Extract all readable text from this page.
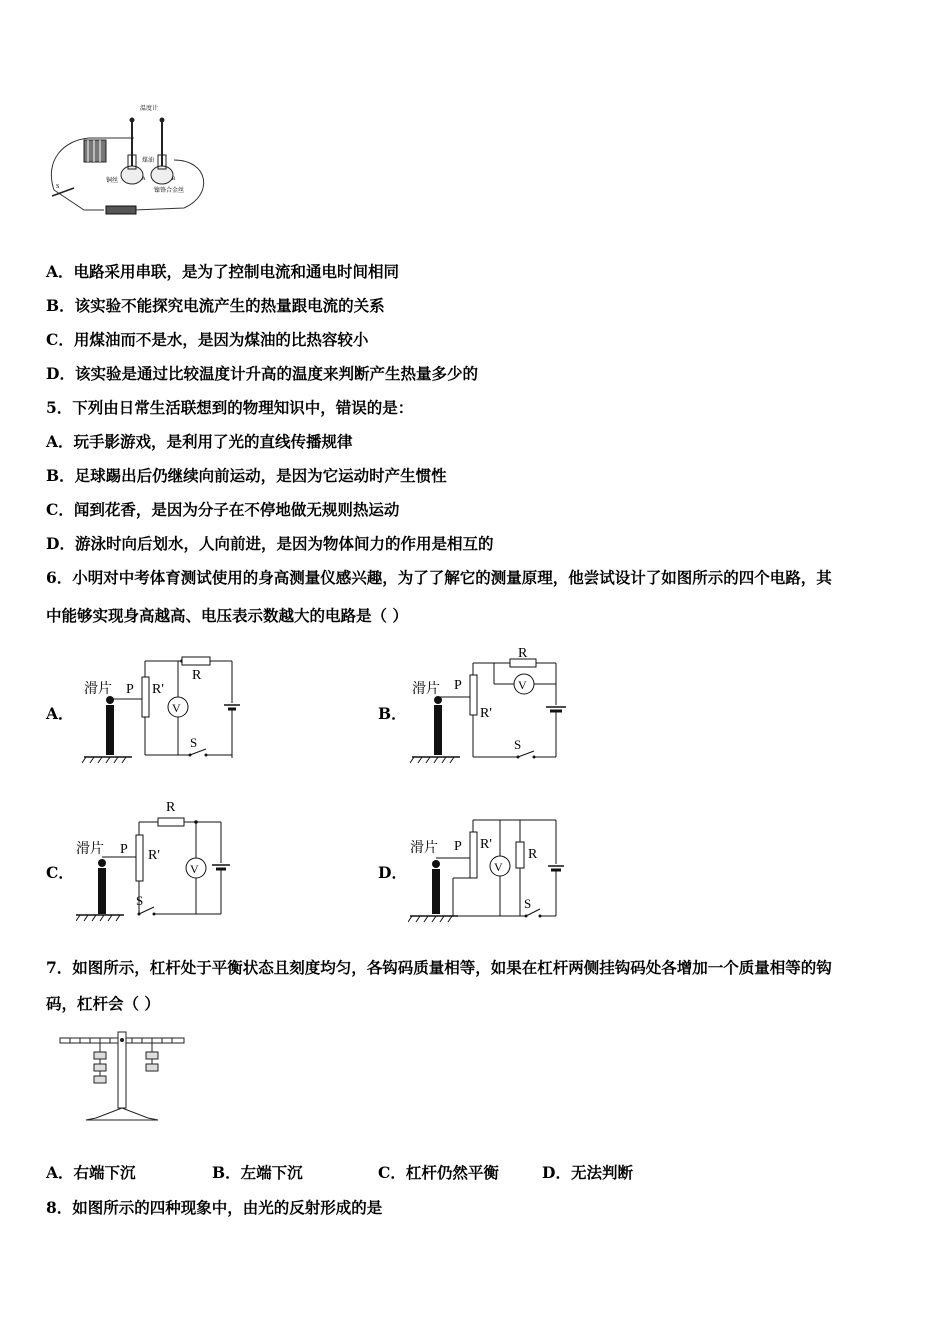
温度计
煤油
铜丝
镍铬合金丝
A	B
S
A．电路采用串联，是为了控制电流和通电时间相同
B．该实验不能探究电流产生的热量跟电流的关系
C．用煤油而不是水，是因为煤油的比热容较小
D．该实验是通过比较温度计升高的温度来判断产生热量多少的
5．下列由日常生活联想到的物理知识中，错误的是：
A．玩手影游戏，是利用了光的直线传播规律
B．足球踢出后仍继续向前运动，是因为它运动时产生惯性
C．闻到花香，是因为分子在不停地做无规则热运动
D．游泳时向后划水，人向前进，是因为物体间力的作用是相互的
6．小明对中考体育测试使用的身高测量仪感兴趣，为了了解它的测量原理，他尝试设计了如图所示的四个电路，其
中能够实现身高越高、电压表示数越大的电路是（ ）
A．	B．
C．	D．
滑片 P R'
R
V
S
滑片 P
R'
R
V
S
滑片 P R'
R
V
S
滑片 P R'
R
V
S
7．如图所示，杠杆处于平衡状态且刻度均匀，各钩码质量相等，如果在杠杆两侧挂钩码处各增加一个质量相等的钩
码，杠杆会（ ）
A．右端下沉	B．左端下沉	C．杠杆仍然平衡	D．无法判断
8．如图所示的四种现象中，由光的反射形成的是
